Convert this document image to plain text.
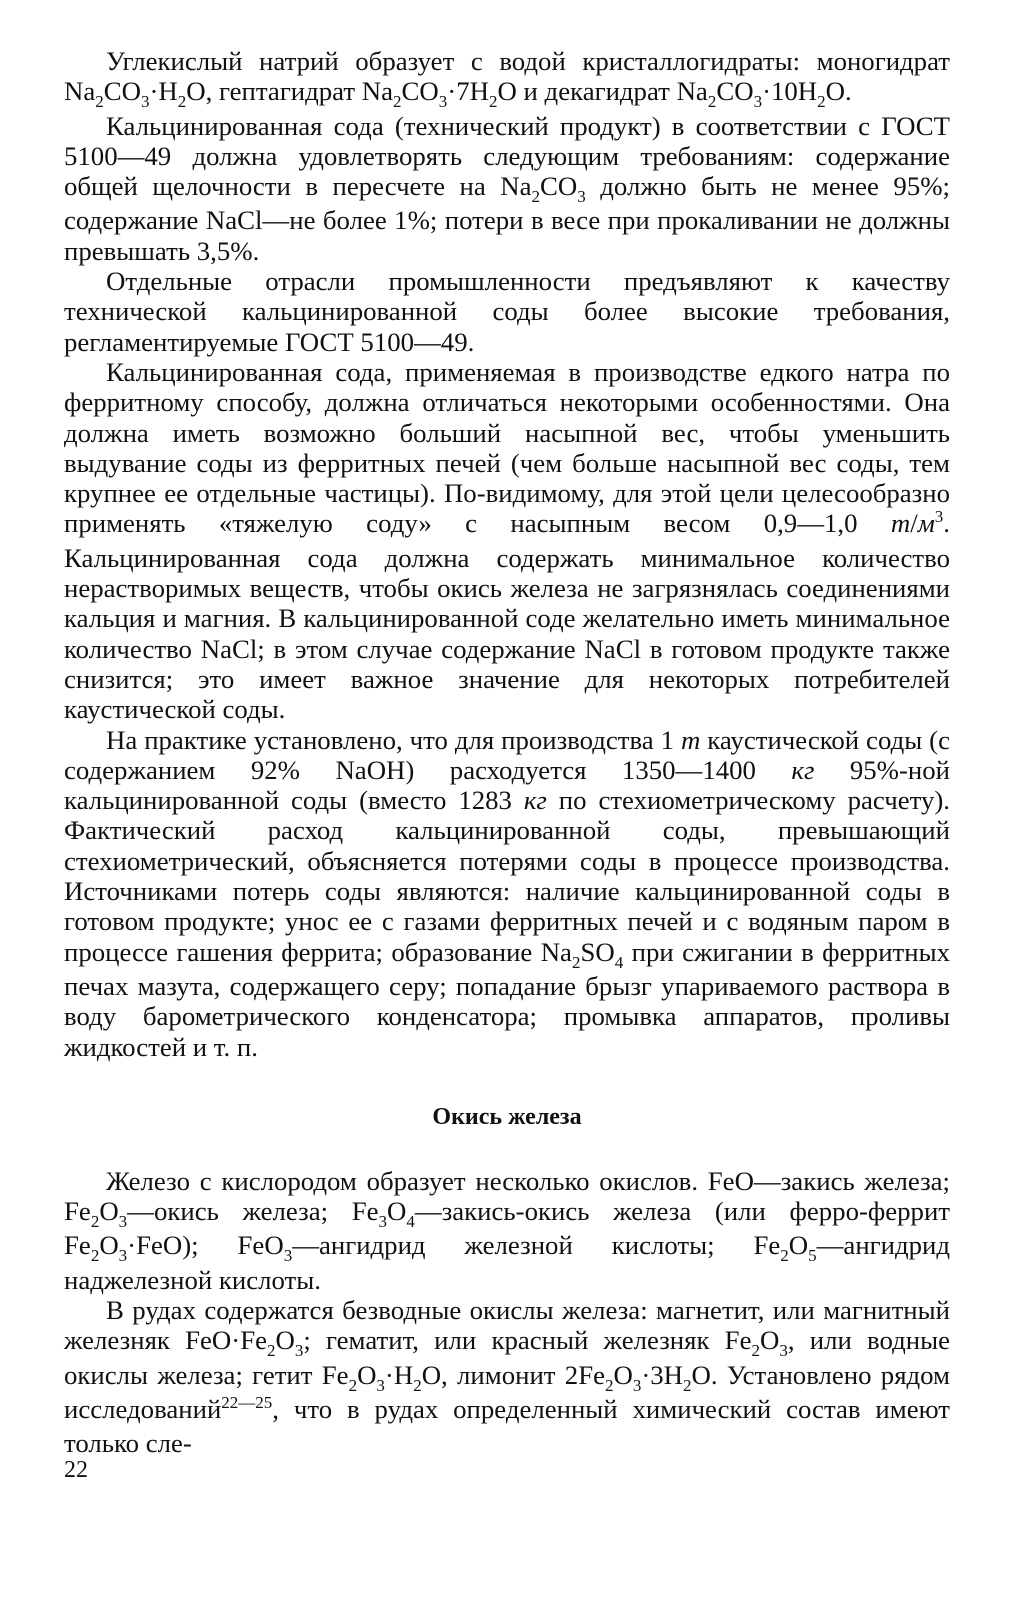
Углекислый натрий образует с водой кристаллогидраты: моногидрат $Na_2CO_3\cdot H_2O$, гептагидрат $Na_2CO_3\cdot 7H_2O$ и декагидрат $Na_2CO_3\cdot 10H_2O$.

Кальцинированная сода (технический продукт) в соответствии с ГОСТ 5100—49 должна удовлетворять следующим требованиям: содержание общей щелочности в пересчете на $Na_2CO_3$ должно быть не менее 95%; содержание NaCl—не более 1%; потери в весе при прокаливании не должны превышать 3,5%.

Отдельные отрасли промышленности предъявляют к качеству технической кальцинированной соды более высокие требования, регламентируемые ГОСТ 5100—49.

Кальцинированная сода, применяемая в производстве едкого натра по ферритному способу, должна отличаться некоторыми особенностями. Она должна иметь возможно больший насыпной вес, чтобы уменьшить выдувание соды из ферритных печей (чем больше насыпной вес соды, тем крупнее ее отдельные частицы). По-видимому, для этой цели целесообразно применять «тяжелую соду» с насыпным весом 0,9—1,0 $т/м^3$. Кальцинированная сода должна содержать минимальное количество нерастворимых веществ, чтобы окись железа не загрязнялась соединениями кальция и магния. В кальцинированной соде желательно иметь минимальное количество NaCl; в этом случае содержание NaCl в готовом продукте также снизится; это имеет важное значение для некоторых потребителей каустической соды.

На практике установлено, что для производства 1 т каустической соды (с содержанием 92% NaOH) расходуется 1350—1400 кг 95%-ной кальцинированной соды (вместо 1283 кг по стехиометрическому расчету). Фактический расход кальцинированной соды, превышающий стехиометрический, объясняется потерями соды в процессе производства. Источниками потерь соды являются: наличие кальцинированной соды в готовом продукте; унос ее с газами ферритных печей и с водяным паром в процессе гашения феррита; образование $Na_2SO_4$ при сжигании в ферритных печах мазута, содержащего серу; попадание брызг упариваемого раствора в воду барометрического конденсатора; промывка аппаратов, проливы жидкостей и т. п.

Окись железа

Железо с кислородом образует несколько окислов. FeO—закись железа; $Fe_2O_3—окись$ железа; $Fe_3O_4—закись$-окись железа (или ферро-феррит $Fe_2O_3\cdot FeO$); FeO$_3$—ангидрид железной кислоты; $Fe_2O_5—ангидрид$ наджелезной кислоты.

В рудах содержатся безводные окислы железа: магнетит, или магнитный железняк $FeO\cdot Fe_2O_3$; гематит, или красный железняк $Fe_2O_3$, или водные окислы железа; гетит $Fe_2O_3\cdot H_2O$, лимонит $2Fe_2O_3\cdot 3H_2O$. Установлено рядом исследований$^{22—25}$, что в рудах определенный химический состав имеют только сле-

22
